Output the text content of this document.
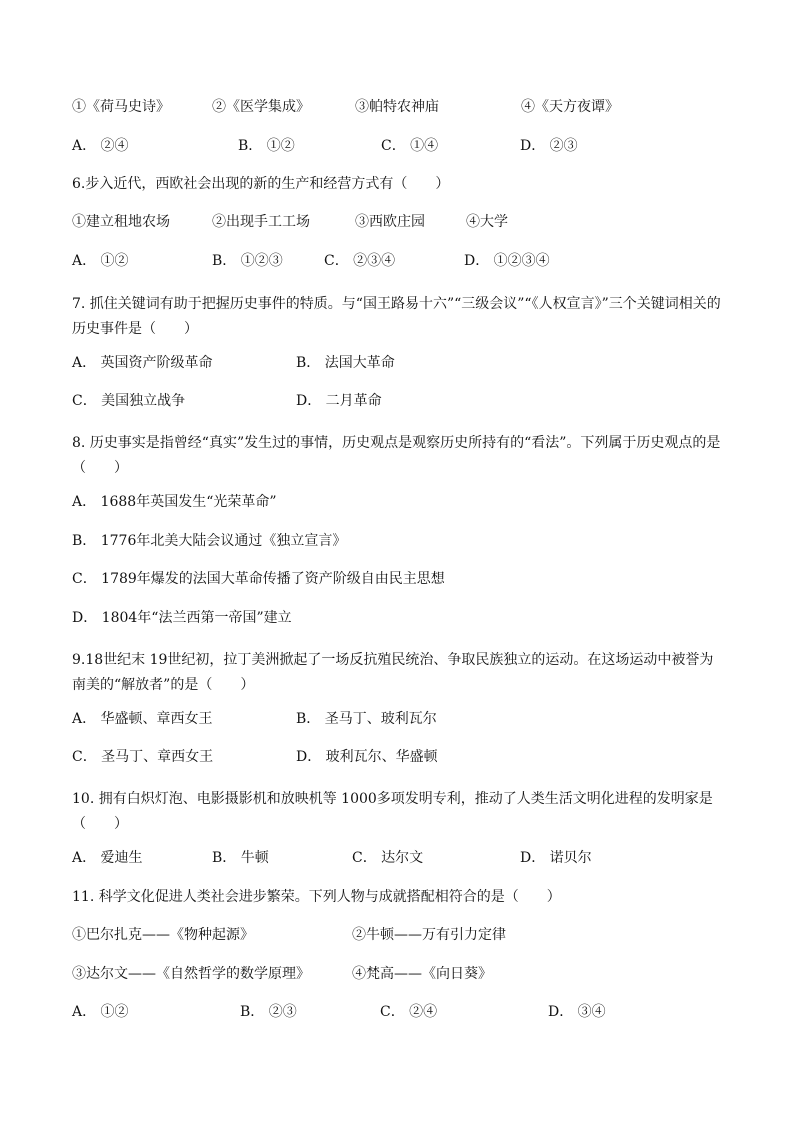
①《荷马史诗》	②《医学集成》	③帕特农神庙	④《天方夜谭》
A． ②④	B． ①②	C． ①④	D． ②③
6.步入近代，西欧社会出现的新的生产和经营方式有（　　）
①建立租地农场	②出现手工工场	③西欧庄园	④大学
A． ①②	B． ①②③	C． ②③④	D． ①②③④
7. 抓住关键词有助于把握历史事件的特质。与“国王路易十六”“三级会议”“《人权宣言》”三个关键词相关的历史事件是（　　）
A． 英国资产阶级革命	B． 法国大革命
C． 美国独立战争	D． 二月革命
8. 历史事实是指曾经“真实”发生过的事情，历史观点是观察历史所持有的“看法”。下列属于历史观点的是（　　）
A． 1688年英国发生“光荣革命”
B． 1776年北美大陆会议通过《独立宣言》
C． 1789年爆发的法国大革命传播了资产阶级自由民主思想
D． 1804年“法兰西第一帝国”建立
9.18世纪末 19世纪初，拉丁美洲掀起了一场反抗殖民统治、争取民族独立的运动。在这场运动中被誉为南美的“解放者”的是（　　）
A． 华盛顿、章西女王	B． 圣马丁、玻利瓦尔
C． 圣马丁、章西女王	D． 玻利瓦尔、华盛顿
10. 拥有白炽灯泡、电影摄影机和放映机等 1000多项发明专利，推动了人类生活文明化进程的发明家是（　　）
A． 爱迪生	B． 牛顿	C． 达尔文	D． 诺贝尔
11. 科学文化促进人类社会进步繁荣。下列人物与成就搭配相符合的是（　　）
①巴尔扎克——《物种起源》	②牛顿——万有引力定律
③达尔文——《自然哲学的数学原理》	④梵高——《向日葵》
A． ①②	B． ②③	C． ②④	D． ③④
